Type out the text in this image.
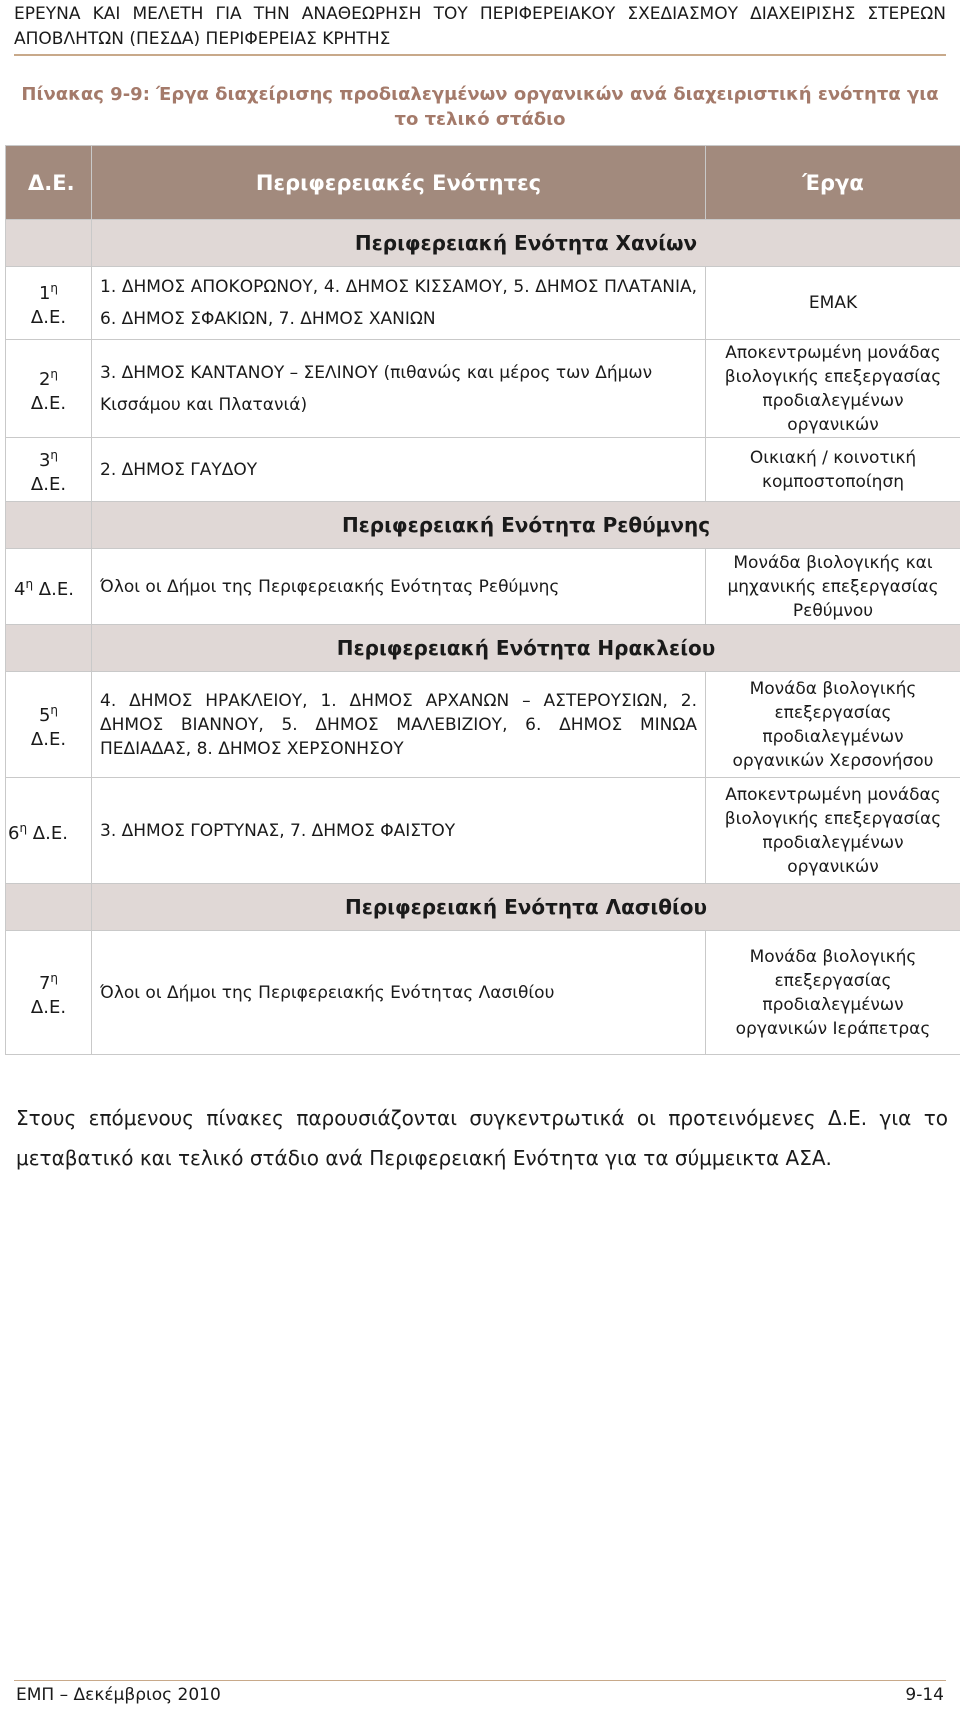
ΕΡΕΥΝΑ ΚΑΙ ΜΕΛΕΤΗ ΓΙΑ ΤΗΝ ΑΝΑΘΕΩΡΗΣΗ ΤΟΥ ΠΕΡΙΦΕΡΕΙΑΚΟΥ ΣΧΕΔΙΑΣΜΟΥ ΔΙΑΧΕΙΡΙΣΗΣ ΣΤΕΡΕΩΝ
ΑΠΟΒΛΗΤΩΝ (ΠΕΣΔΑ) ΠΕΡΙΦΕΡΕΙΑΣ ΚΡΗΤΗΣ
Πίνακας 9-9: Έργα διαχείρισης προδιαλεγμένων οργανικών ανά διαχειριστική ενότητα για το τελικό στάδιο
Δ.Ε.	Περιφερειακές Ενότητες	Έργα
	Περιφερειακή Ενότητα Χανίων	
$1^\eta$
Δ.Ε.	1. ΔΗΜΟΣ ΑΠΟΚΟΡΩΝΟΥ, 4. ΔΗΜΟΣ ΚΙΣΣΑΜΟΥ, 5. ΔΗΜΟΣ ΠΛΑΤΑΝΙΑ, 6. ΔΗΜΟΣ ΣΦΑΚΙΩΝ, 7. ΔΗΜΟΣ ΧΑΝΙΩΝ	ΕΜΑΚ
$2^\eta$
Δ.Ε.	3. ΔΗΜΟΣ ΚΑΝΤΑΝΟΥ – ΣΕΛΙΝΟΥ (πιθανώς και μέρος των Δήμων Κισσάμου και Πλατανιά)	Αποκεντρωμένη μονάδας βιολογικής επεξεργασίας προδιαλεγμένων οργανικών
$3^\eta$
Δ.Ε.	2. ΔΗΜΟΣ ΓΑΥΔΟΥ	Οικιακή / κοινοτική κομποστοποίηση
	Περιφερειακή Ενότητα Ρεθύμνης	
$4^\eta$ Δ.Ε.	Όλοι οι Δήμοι της Περιφερειακής Ενότητας Ρεθύμνης	Μονάδα βιολογικής και μηχανικής επεξεργασίας Ρεθύμνου
	Περιφερειακή Ενότητα Ηρακλείου	
$5^\eta$
Δ.Ε.	4. ΔΗΜΟΣ ΗΡΑΚΛΕΙΟΥ, 1. ΔΗΜΟΣ ΑΡΧΑΝΩΝ – ΑΣΤΕΡΟΥΣΙΩΝ, 2. ΔΗΜΟΣ ΒΙΑΝΝΟΥ, 5. ΔΗΜΟΣ ΜΑΛΕΒΙΖΙΟΥ, 6. ΔΗΜΟΣ ΜΙΝΩΑ ΠΕΔΙΑΔΑΣ, 8. ΔΗΜΟΣ ΧΕΡΣΟΝΗΣΟΥ	Μονάδα βιολογικής επεξεργασίας προδιαλεγμένων οργανικών Χερσονήσου
$6^\eta$ Δ.Ε.	3. ΔΗΜΟΣ ΓΟΡΤΥΝΑΣ, 7. ΔΗΜΟΣ ΦΑΙΣΤΟΥ	Αποκεντρωμένη μονάδας βιολογικής επεξεργασίας προδιαλεγμένων οργανικών
	Περιφερειακή Ενότητα Λασιθίου	
$7^\eta$
Δ.Ε.	Όλοι οι Δήμοι της Περιφερειακής Ενότητας Λασιθίου	Μονάδα βιολογικής επεξεργασίας προδιαλεγμένων οργανικών Ιεράπετρας
Στους επόμενους πίνακες παρουσιάζονται συγκεντρωτικά οι προτεινόμενες Δ.Ε. για το μεταβατικό και τελικό στάδιο ανά Περιφερειακή Ενότητα για τα σύμμεικτα ΑΣΑ.
ΕΜΠ – Δεκέμβριος 2010	9-14
